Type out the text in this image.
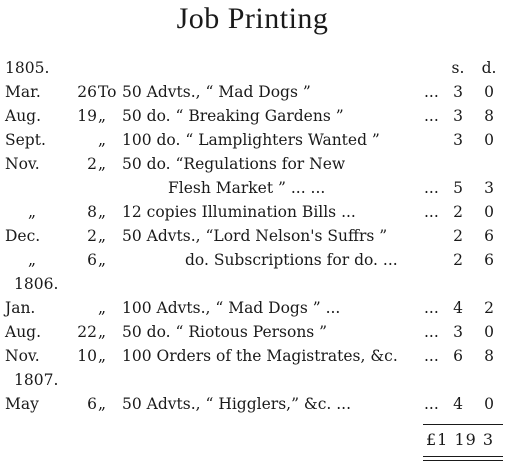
Job Printing
1805.	s. d.
Mar. 26 To 50 Advts., “ Mad Dogs ”	... 3 0
Aug. 19 „ 50 do. “ Breaking Gardens ”	... 3 8
Sept.	„ 100 do. “ Lamplighters Wanted ”	3 0
Nov.	2 „ 50 do. “Regulations for New
Flesh Market ” ... ...	... 5 3
„	8 „ 12 copies Illumination Bills ...	... 2 0
Dec.	2 „ 50 Advts., “Lord Nelson's Suffrs ”	2 6
„	6 „	do. Subscriptions for do. ...	2 6
1806.
Jan.	„ 100 Advts., “ Mad Dogs ” ...	... 4 2
Aug. 22 „ 50 do. “ Riotous Persons ”	... 3 0
Nov. 10 „ 100 Orders of the Magistrates, &c. ... 6 8
1807.
May	6 „ 50 Advts., “ Higglers,” &c. ...	... 4 0
£1 19 3
